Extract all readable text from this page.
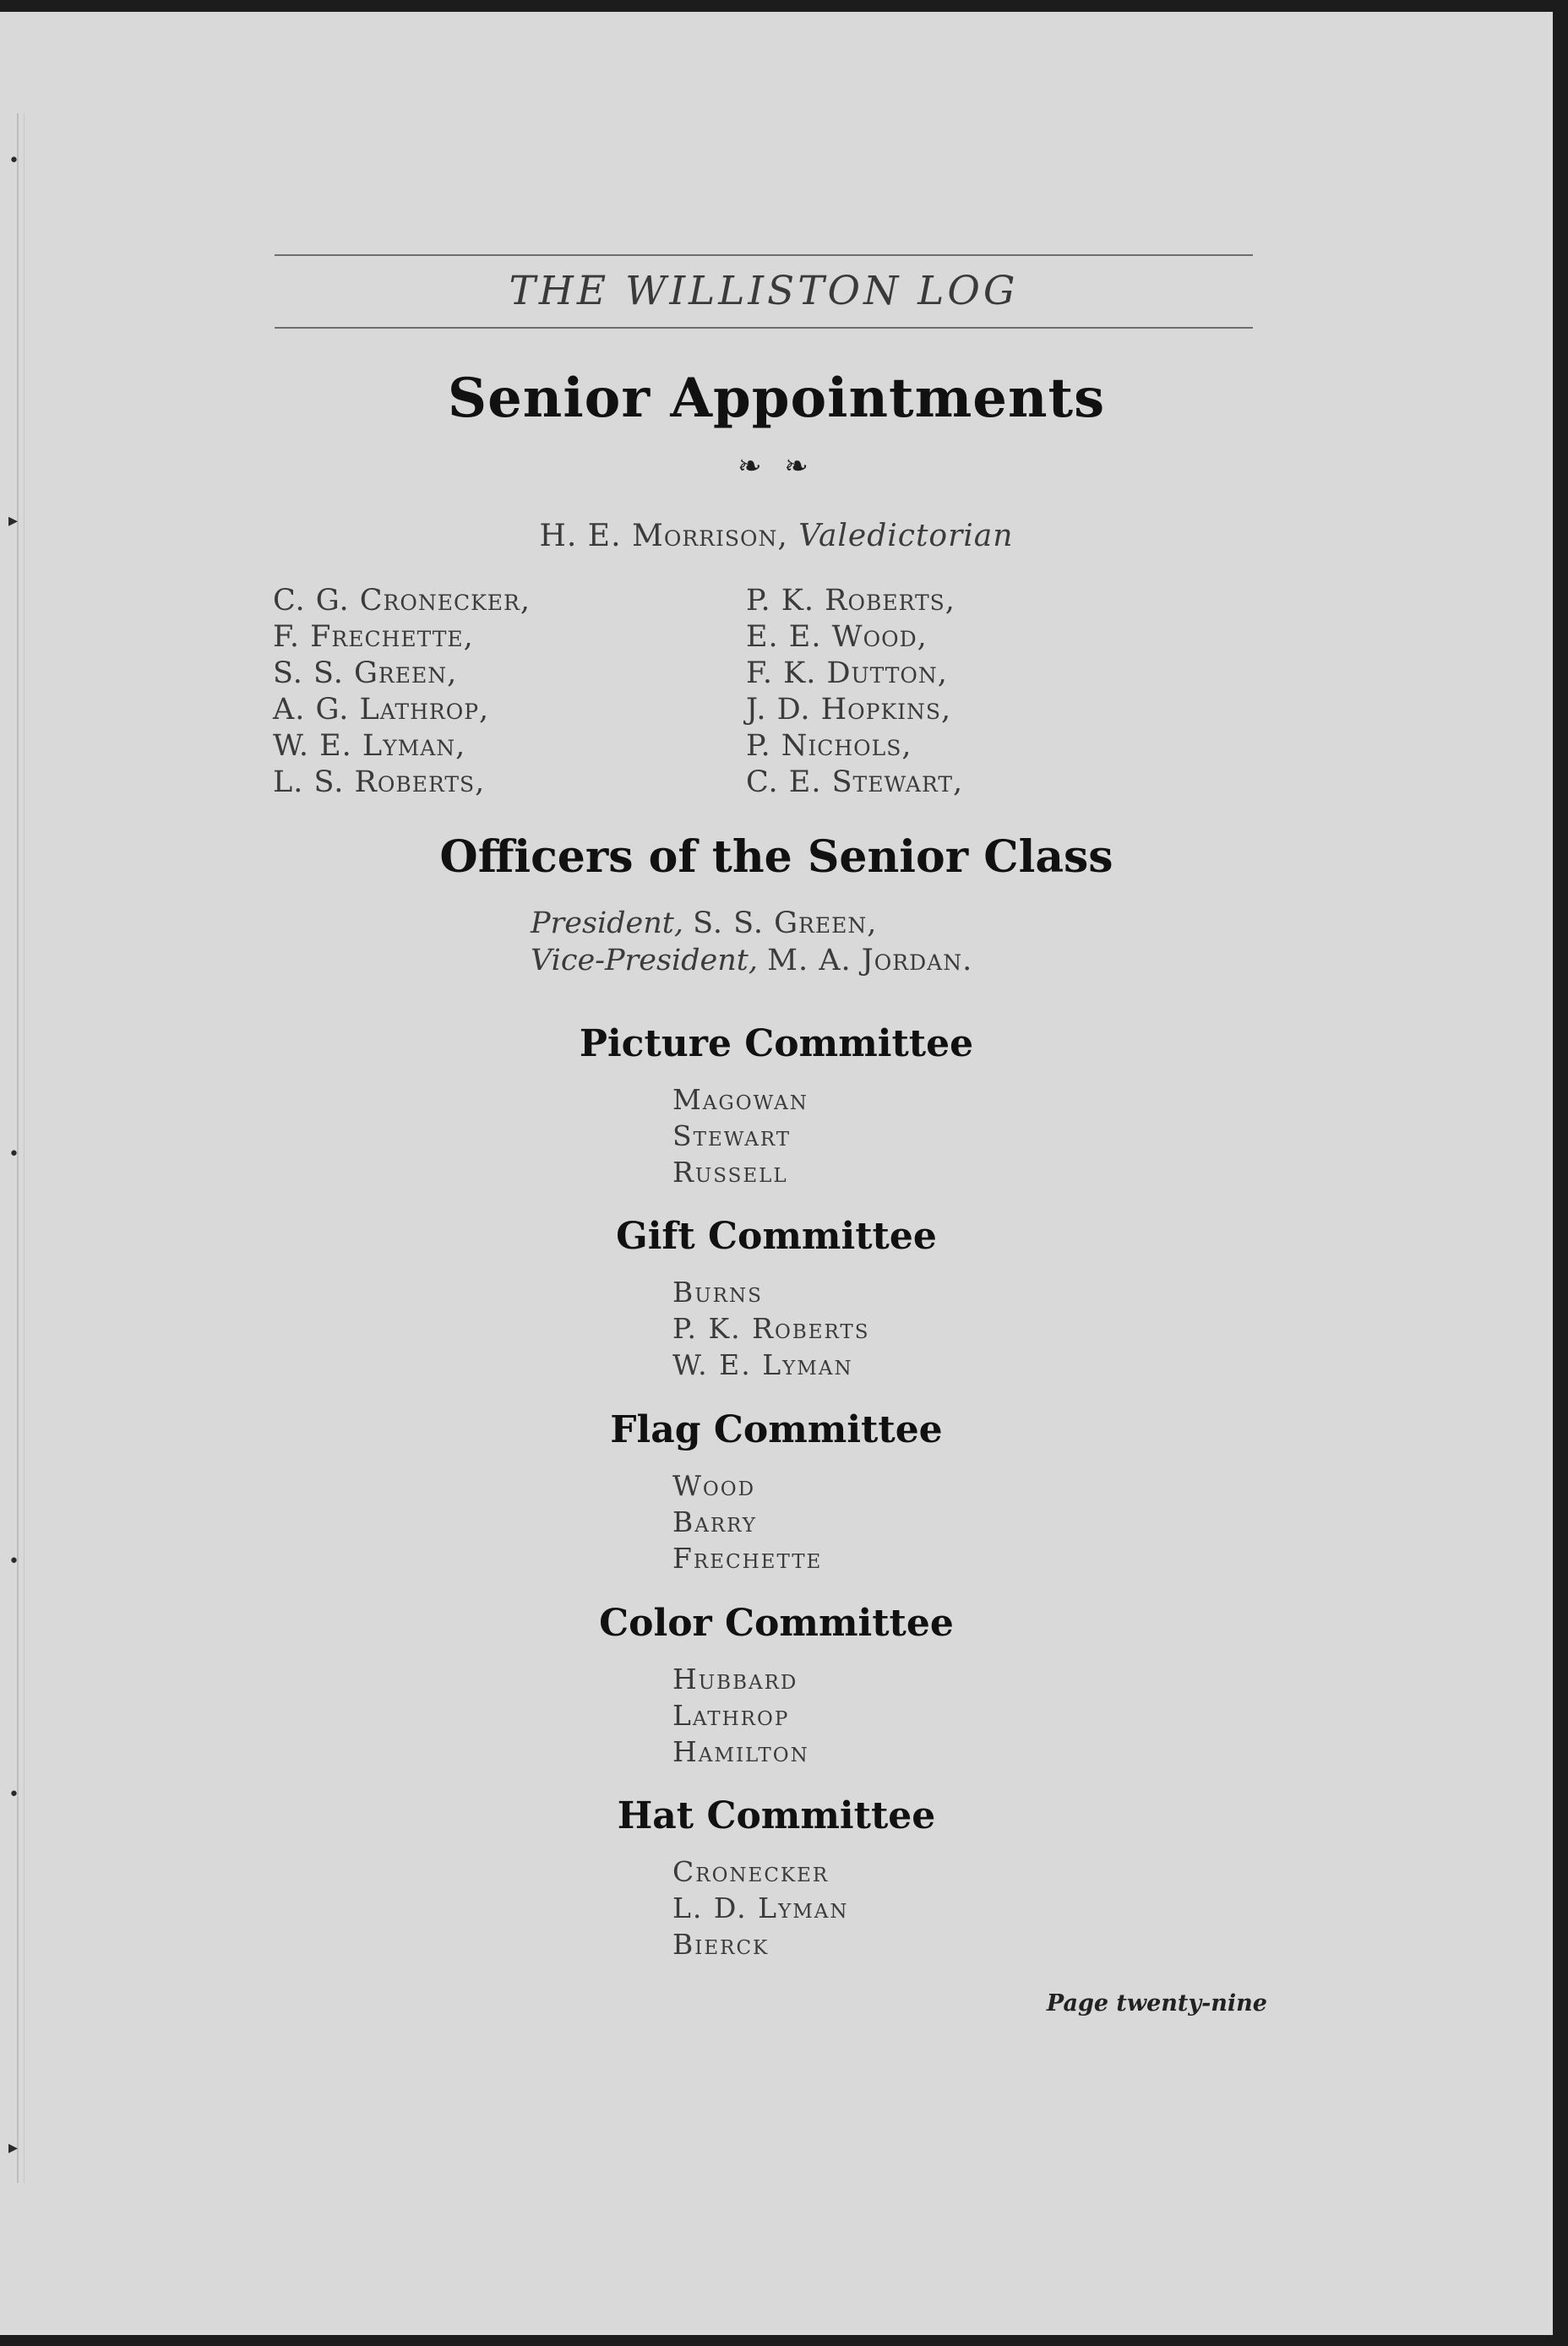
•
▸
•
•
•
▸
THE WILLISTON LOG
Senior Appointments
❧ ❧
H. E. Morrison, Valedictorian
C. G. Cronecker,
F. Frechette,
S. S. Green,
A. G. Lathrop,
W. E. Lyman,
L. S. Roberts,
P. K. Roberts,
E. E. Wood,
F. K. Dutton,
J. D. Hopkins,
P. Nichols,
C. E. Stewart,
Officers of the Senior Class
President, S. S. Green,
Vice-President, M. A. Jordan.
Picture Committee
Magowan
Stewart
Russell
Gift Committee
Burns
P. K. Roberts
W. E. Lyman
Flag Committee
Wood
Barry
Frechette
Color Committee
Hubbard
Lathrop
Hamilton
Hat Committee
Cronecker
L. D. Lyman
Bierck
Page twenty-nine
